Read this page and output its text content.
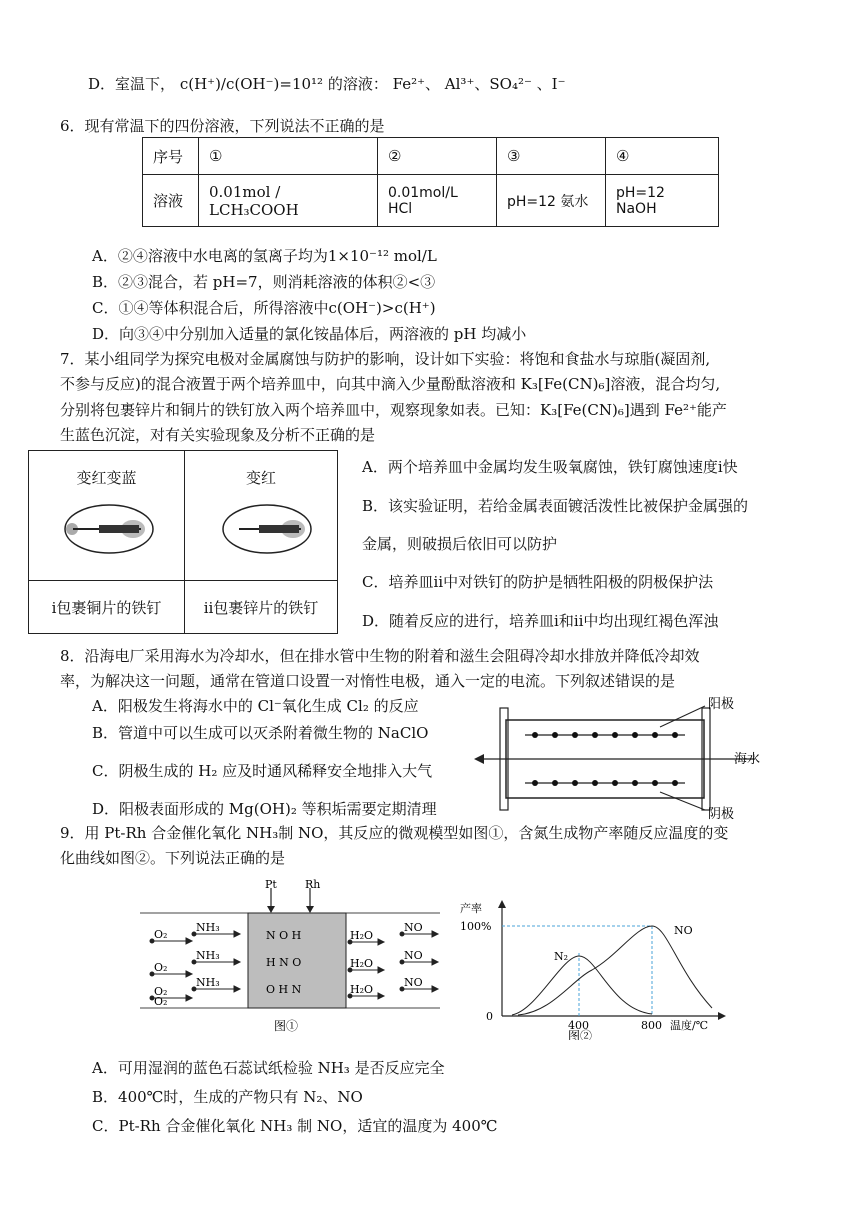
D．室温下， c(H⁺)/c(OH⁻)=10¹² 的溶液： Fe²⁺、 Al³⁺、SO₄²⁻ 、I⁻
6．现有常温下的四份溶液，下列说法不正确的是
序号	①	②	③	④
溶液	0.01mol / LCH₃COOH	0.01mol/L HCl	pH=12 氨水	pH=12 NaOH
A．②④溶液中水电离的氢离子均为1×10⁻¹² mol/L
B．②③混合，若 pH=7，则消耗溶液的体积②<③
C．①④等体积混合后，所得溶液中c(OH⁻)>c(H⁺)
D．向③④中分别加入适量的氯化铵晶体后，两溶液的 pH 均减小
7．某小组同学为探究电极对金属腐蚀与防护的影响，设计如下实验：将饱和食盐水与琼脂(凝固剂,
不参与反应)的混合液置于两个培养皿中，向其中滴入少量酚酞溶液和 K₃[Fe(CN)₆]溶液，混合均匀,
分别将包裹锌片和铜片的铁钉放入两个培养皿中，观察现象如表。已知：K₃[Fe(CN)₆]遇到 Fe²⁺能产
生蓝色沉淀，对有关实验现象及分析不正确的是
变红变蓝	变红
ⅰ包裹铜片的铁钉	ⅱ包裹锌片的铁钉
A．两个培养皿中金属均发生吸氧腐蚀，铁钉腐蚀速度ⅰ快
B．该实验证明，若给金属表面镀活泼性比被保护金属强的
金属，则破损后依旧可以防护
C．培养皿ⅱ中对铁钉的防护是牺牲阳极的阴极保护法
D．随着反应的进行，培养皿ⅰ和ⅱ中均出现红褐色浑浊
8．沿海电厂采用海水为冷却水，但在排水管中生物的附着和滋生会阻碍冷却水排放并降低冷却效
率，为解决这一问题，通常在管道口设置一对惰性电极，通入一定的电流。下列叙述错误的是
A．阳极发生将海水中的 Cl⁻氧化生成 Cl₂ 的反应
B．管道中可以生成可以灭杀附着微生物的 NaClO
C．阴极生成的 H₂ 应及时通风稀释安全地排入大气
D．阳极表面形成的 Mg(OH)₂ 等积垢需要定期清理
阳极
阴极
海水
9．用 Pt-Rh 合金催化氧化 NH₃制 NO，其反应的微观模型如图①，含氮生成物产率随反应温度的变
化曲线如图②。下列说法正确的是
Pt	Rh
N O H
H N O
O H N
O₂
NH₃
O₂
NH₃
O₂
NH₃
O₂
H₂O
H₂O
H₂O
NO
NO
NO
图①
产率
100%
0
400	800 温度/℃
N₂
NO
图②
A．可用湿润的蓝色石蕊试纸检验 NH₃ 是否反应完全
B．400℃时，生成的产物只有 N₂、NO
C．Pt-Rh 合金催化氧化 NH₃ 制 NO，适宜的温度为 400℃
